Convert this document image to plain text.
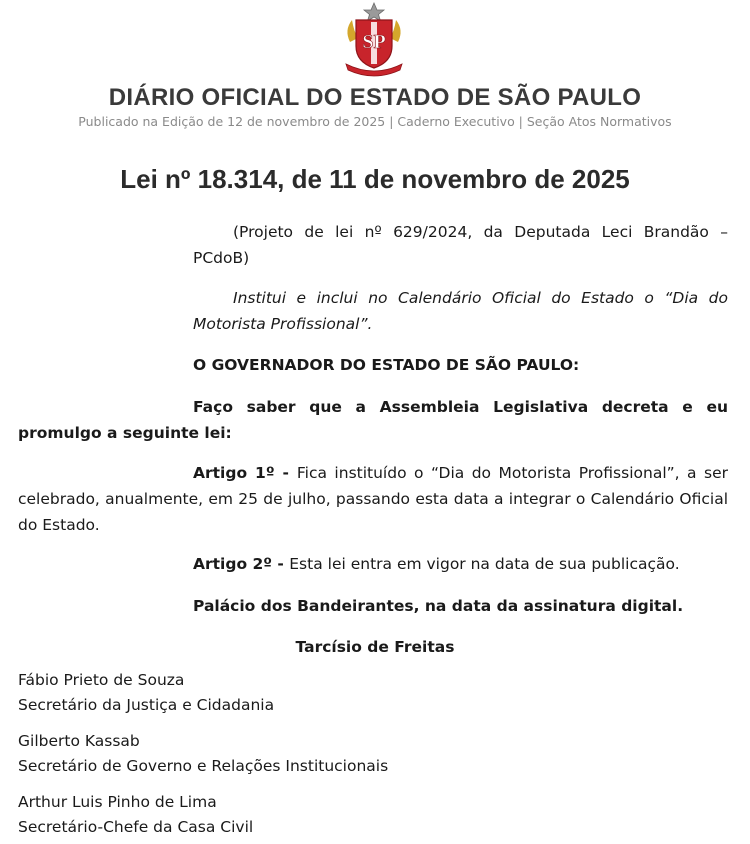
SP
DIÁRIO OFICIAL DO ESTADO DE SÃO PAULO
Publicado na Edição de 12 de novembro de 2025 | Caderno Executivo | Seção Atos Normativos
Lei nº 18.314, de 11 de novembro de 2025
(Projeto de lei nº 629/2024, da Deputada Leci Brandão – PCdoB)
Institui e inclui no Calendário Oficial do Estado o “Dia do Motorista Profissional”.
O GOVERNADOR DO ESTADO DE SÃO PAULO:
Faço saber que a Assembleia Legislativa decreta e eu promulgo a seguinte lei:
Artigo 1º - Fica instituído o “Dia do Motorista Profissional”, a ser celebrado, anualmente, em 25 de julho, passando esta data a integrar o Calendário Oficial do Estado.
Artigo 2º - Esta lei entra em vigor na data de sua publicação.
Palácio dos Bandeirantes, na data da assinatura digital.
Tarcísio de Freitas
Fábio Prieto de Souza
Secretário da Justiça e Cidadania
Gilberto Kassab
Secretário de Governo e Relações Institucionais
Arthur Luis Pinho de Lima
Secretário-Chefe da Casa Civil
